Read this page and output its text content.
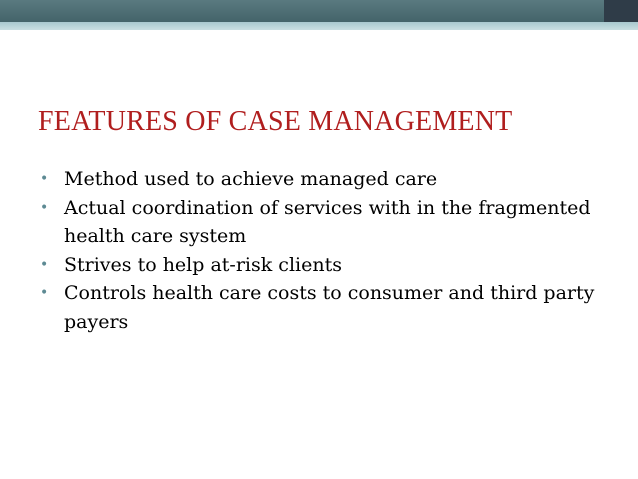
FEATURES OF CASE MANAGEMENT
• Method used to achieve managed care
• Actual coordination of services with in the fragmented health care system
• Strives to help at-risk clients
• Controls health care costs to consumer and third party payers
